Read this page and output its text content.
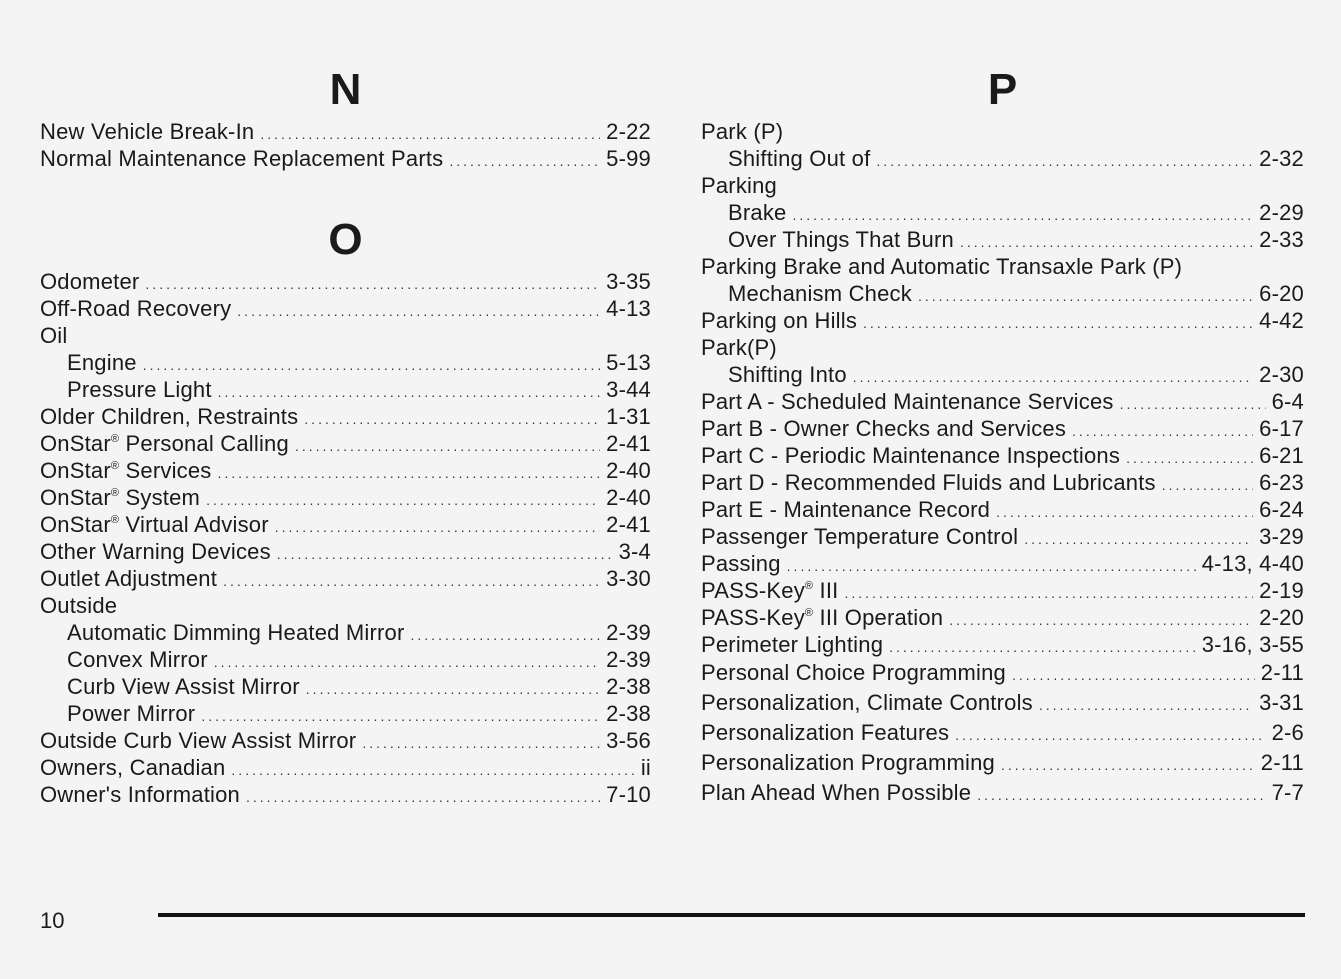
N
New Vehicle Break-In .....	2-22
Normal Maintenance Replacement Parts .....	5-99
O
Odometer .....	3-35
Off-Road Recovery .....	4-13
Oil
Engine .....	5-13
Pressure Light .....	3-44
Older Children, Restraints .....	1-31
OnStar® Personal Calling .....	2-41
OnStar® Services .....	2-40
OnStar® System .....	2-40
OnStar® Virtual Advisor .....	2-41
Other Warning Devices .....	3-4
Outlet Adjustment .....	3-30
Outside
Automatic Dimming Heated Mirror .....	2-39
Convex Mirror .....	2-39
Curb View Assist Mirror .....	2-38
Power Mirror .....	2-38
Outside Curb View Assist Mirror .....	3-56
Owners, Canadian .....	ii
Owner's Information .....	7-10
P
Park (P)
Shifting Out of .....	2-32
Parking
Brake .....	2-29
Over Things That Burn .....	2-33
Parking Brake and Automatic Transaxle Park (P)
Mechanism Check .....	6-20
Parking on Hills .....	4-42
Park(P)
Shifting Into .....	2-30
Part A - Scheduled Maintenance Services .....	6-4
Part B - Owner Checks and Services .....	6-17
Part C - Periodic Maintenance Inspections .....	6-21
Part D - Recommended Fluids and Lubricants .....	6-23
Part E - Maintenance Record .....	6-24
Passenger Temperature Control .....	3-29
Passing .....	4-13, 4-40
PASS-Key® III .....	2-19
PASS-Key® III Operation .....	2-20
Perimeter Lighting .....	3-16, 3-55
Personal Choice Programming .....	2-11
Personalization, Climate Controls .....	3-31
Personalization Features .....	2-6
Personalization Programming .....	2-11
Plan Ahead When Possible .....	7-7
10
